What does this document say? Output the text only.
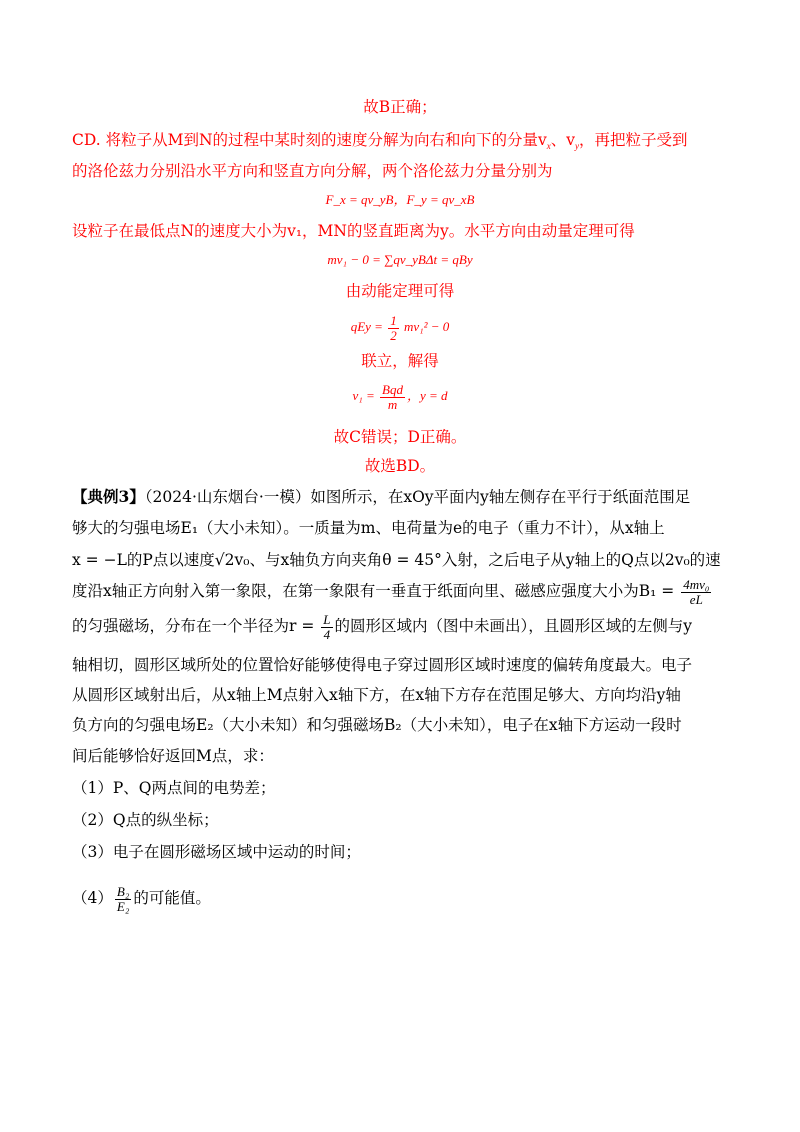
故B正确；
CD. 将粒子从M到N的过程中某时刻的速度分解为向右和向下的分量$v_x$、$v_y$，再把粒子受到
的洛伦兹力分别沿水平方向和竖直方向分解，两个洛伦兹力分量分别为
F_x = qv_yB，F_y = qv_xB
设粒子在最低点N的速度大小为v₁，MN的竖直距离为y。水平方向由动量定理可得
mv₁ − 0 = ∑qv_yBΔt = qBy
由动能定理可得
qEy = $\frac{1}{2} mv_1^2 - 0$
联立，解得
$v_1 = \frac{\text{Bqd}}{m}$ ，y = d
故C错误；D正确。
故选BD。
【典例3】（2024·山东烟台·一模）如图所示，在xOy平面内y轴左侧存在平行于纸面范围足
够大的匀强电场E₁（大小未知）。一质量为m、电荷量为e的电子（重力不计），从x轴上
x = −L的P点以速度√2v₀、与x轴负方向夹角θ = 45°入射，之后电子从y轴上的Q点以2v₀的速
度沿x轴正方向射入第一象限，在第一象限有一垂直于纸面向里、磁感应强度大小为$B_1 = \frac{\text{4mv₀}}{eL}$
的匀强磁场，分布在一个半径为$r = \frac{L}{4}$ 的圆形区域内（图中未画出），且圆形区域的左侧与y
轴相切，圆形区域所处的位置恰好能够使得电子穿过圆形区域时速度的偏转角度最大。电子
从圆形区域射出后，从x轴上M点射入x轴下方，在x轴下方存在范围足够大、方向均沿y轴
负方向的匀强电场E₂（大小未知）和匀强磁场B₂（大小未知），电子在x轴下方运动一段时
间后能够恰好返回M点，求：
（1）P、Q两点间的电势差；
（2）Q点的纵坐标；
（3）电子在圆形磁场区域中运动的时间；
$(4) \frac{\text{B₂}}{\text{E₂}}$ 的可能值。
